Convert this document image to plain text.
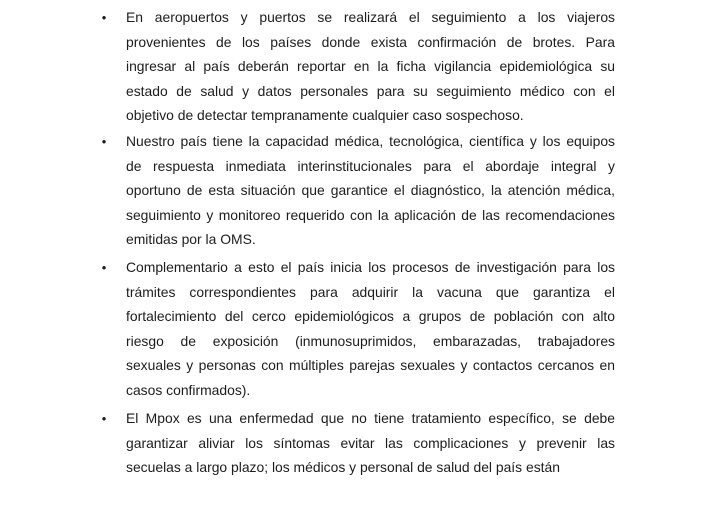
• En aeropuertos y puertos se realizará el seguimiento a los viajeros
provenientes de los países donde exista confirmación de brotes. Para
ingresar al país deberán reportar en la ficha vigilancia epidemiológica su
estado de salud y datos personales para su seguimiento médico con el
objetivo de detectar tempranamente cualquier caso sospechoso.
• Nuestro país tiene la capacidad médica, tecnológica, científica y los equipos
de respuesta inmediata interinstitucionales para el abordaje integral y
oportuno de esta situación que garantice el diagnóstico, la atención médica,
seguimiento y monitoreo requerido con la aplicación de las recomendaciones
emitidas por la OMS.
• Complementario a esto el país inicia los procesos de investigación para los
trámites correspondientes para adquirir la vacuna que garantiza el
fortalecimiento del cerco epidemiológicos a grupos de población con alto
riesgo de exposición (inmunosuprimidos, embarazadas, trabajadores
sexuales y personas con múltiples parejas sexuales y contactos cercanos en
casos confirmados).
• El Mpox es una enfermedad que no tiene tratamiento específico, se debe
garantizar aliviar los síntomas evitar las complicaciones y prevenir las
secuelas a largo plazo; los médicos y personal de salud del país están
